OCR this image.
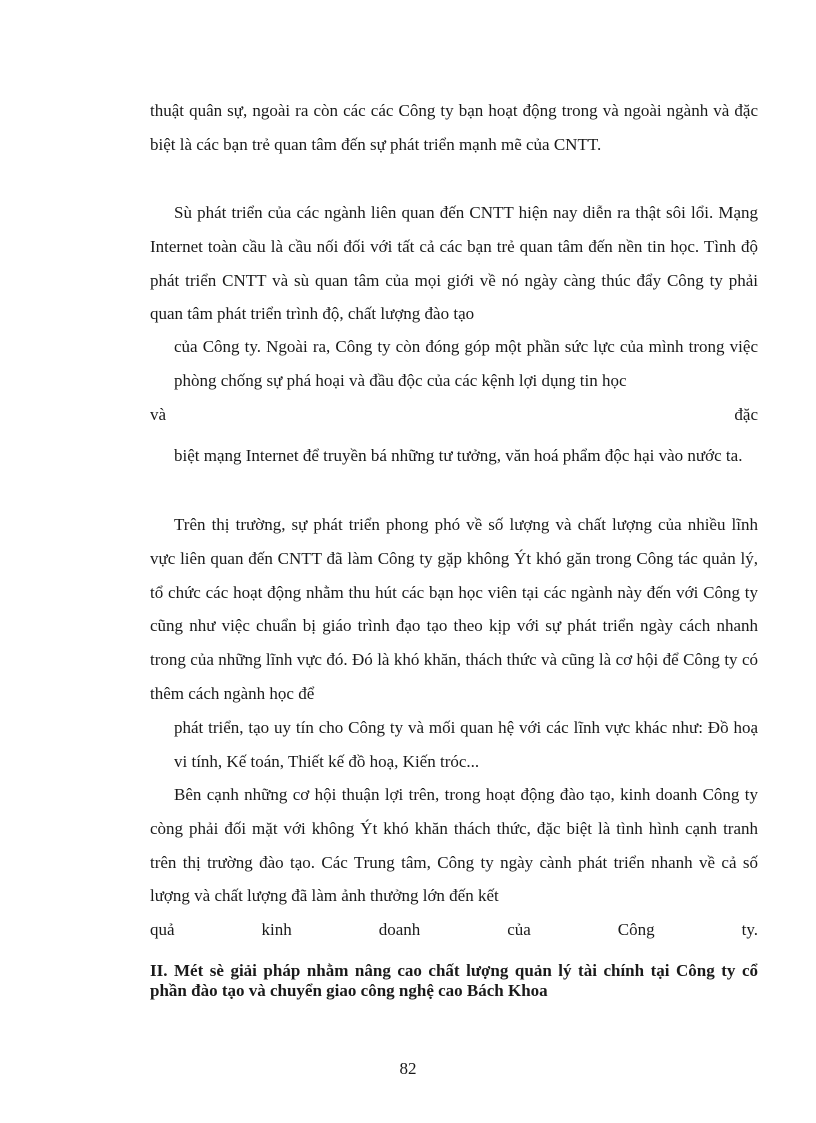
thuật quân sự, ngoài ra còn các các Công ty bạn hoạt động trong và ngoài ngành và đặc biệt là các bạn trẻ quan tâm đến sự phát triển mạnh mẽ của CNTT.

Sù phát triển của các ngành liên quan đến CNTT hiện nay diễn ra thật sôi lổi. Mạng Internet toàn cầu là cầu nối đối với tất cả các bạn trẻ quan tâm đến nền tin học. Tình độ phát triển CNTT và sù quan tâm của mọi giới về nó ngày càng thúc đẩy Công ty phải quan tâm phát triển trình độ, chất lượng đào tạo

của Công ty. Ngoài ra, Công ty còn đóng góp một phần sức lực của mình trong việc phòng chống sự phá hoại và đầu độc của các kệnh lợi dụng tin học

và	đặc

biệt mạng Internet để truyền bá những tư tưởng, văn hoá phẩm độc hại vào nước ta.

Trên thị trường, sự phát triển phong phó về số lượng và chất lượng của nhiều lĩnh vực liên quan đến CNTT đã làm Công ty gặp không Ýt khó găn trong Công tác quản lý, tổ chức các hoạt động nhằm thu hút các bạn học viên tại các ngành này đến với Công ty cũng như việc chuẩn bị giáo trình đạo tạo theo kịp với sự phát triển ngày cách nhanh trong của những lĩnh vực đó. Đó là khó khăn, thách thức và cũng là cơ hội để Công ty có thêm cách ngành học để

phát triển, tạo uy tín cho Công ty và mối quan hệ với các lĩnh vực khác như: Đồ hoạ vi tính, Kế toán, Thiết kế đồ hoạ, Kiến tróc...

Bên cạnh những cơ hội thuận lợi trên, trong hoạt động đào tạo, kinh doanh Công ty còng phải đối mặt với không Ýt khó khăn thách thức, đặc biệt là tình hình cạnh tranh trên thị trường đào tạo. Các Trung tâm, Công ty ngày cành phát triển nhanh về cả số lượng và chất lượng đã làm ảnh thưởng lớn đến kết

quả	kinh	doanh	của	Công	ty.
II. Mét sè giải pháp nhằm nâng cao chất lượng quản lý tài chính tại Công ty cổ phần đào tạo và chuyển giao công nghệ cao Bách Khoa
82
